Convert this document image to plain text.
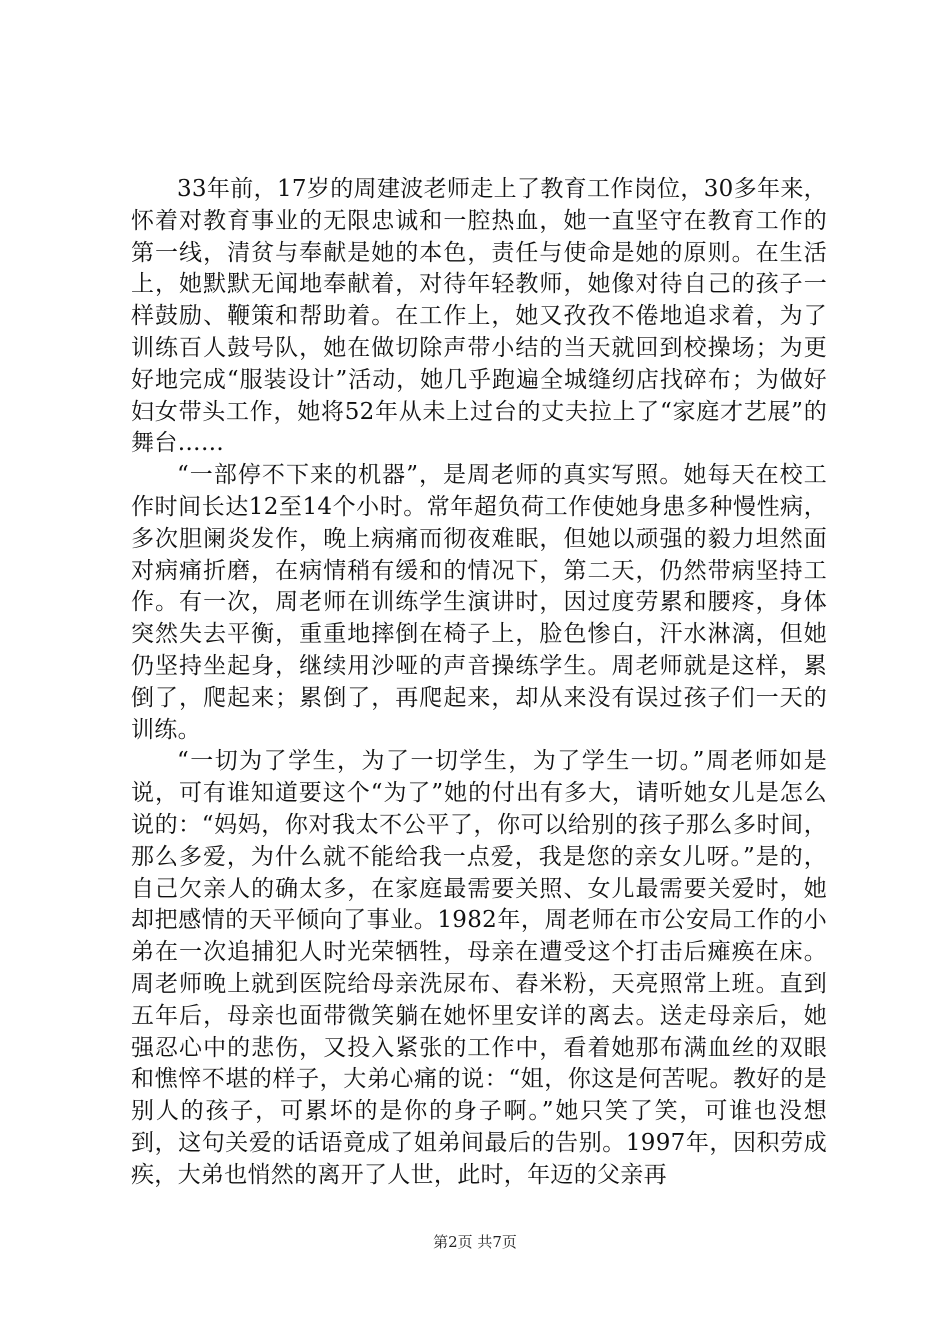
33年前，17岁的周建波老师走上了教育工作岗位，30多年来，怀着对教育事业的无限忠诚和一腔热血，她一直坚守在教育工作的第一线，清贫与奉献是她的本色，责任与使命是她的原则。在生活上，她默默无闻地奉献着，对待年轻教师，她像对待自己的孩子一样鼓励、鞭策和帮助着。在工作上，她又孜孜不倦地追求着，为了训练百人鼓号队，她在做切除声带小结的当天就回到校操场；为更好地完成“服装设计”活动，她几乎跑遍全城缝纫店找碎布；为做好妇女带头工作，她将52年从未上过台的丈夫拉上了“家庭才艺展”的舞台……

“一部停不下来的机器”，是周老师的真实写照。她每天在校工作时间长达12至14个小时。常年超负荷工作使她身患多种慢性病，多次胆阑炎发作，晚上病痛而彻夜难眠，但她以顽强的毅力坦然面对病痛折磨，在病情稍有缓和的情况下，第二天，仍然带病坚持工作。有一次，周老师在训练学生演讲时，因过度劳累和腰疼，身体突然失去平衡，重重地摔倒在椅子上，脸色惨白，汗水淋漓，但她仍坚持坐起身，继续用沙哑的声音操练学生。周老师就是这样，累倒了，爬起来；累倒了，再爬起来，却从来没有误过孩子们一天的训练。

“一切为了学生，为了一切学生，为了学生一切。”周老师如是说，可有谁知道要这个“为了”她的付出有多大，请听她女儿是怎么说的：“妈妈，你对我太不公平了，你可以给别的孩子那么多时间，那么多爱，为什么就不能给我一点爱，我是您的亲女儿呀。”是的，自己欠亲人的确太多，在家庭最需要关照、女儿最需要关爱时，她却把感情的天平倾向了事业。1982年，周老师在市公安局工作的小弟在一次追捕犯人时光荣牺牲，母亲在遭受这个打击后瘫痪在床。周老师晚上就到医院给母亲洗尿布、舂米粉，天亮照常上班。直到五年后，母亲也面带微笑躺在她怀里安详的离去。送走母亲后，她强忍心中的悲伤，又投入紧张的工作中，看着她那布满血丝的双眼和憔悴不堪的样子，大弟心痛的说：“姐，你这是何苦呢。教好的是别人的孩子，可累坏的是你的身子啊。”她只笑了笑，可谁也没想到，这句关爱的话语竟成了姐弟间最后的告别。1997年，因积劳成疾，大弟也悄然的离开了人世，此时，年迈的父亲再

第2页 共7页
